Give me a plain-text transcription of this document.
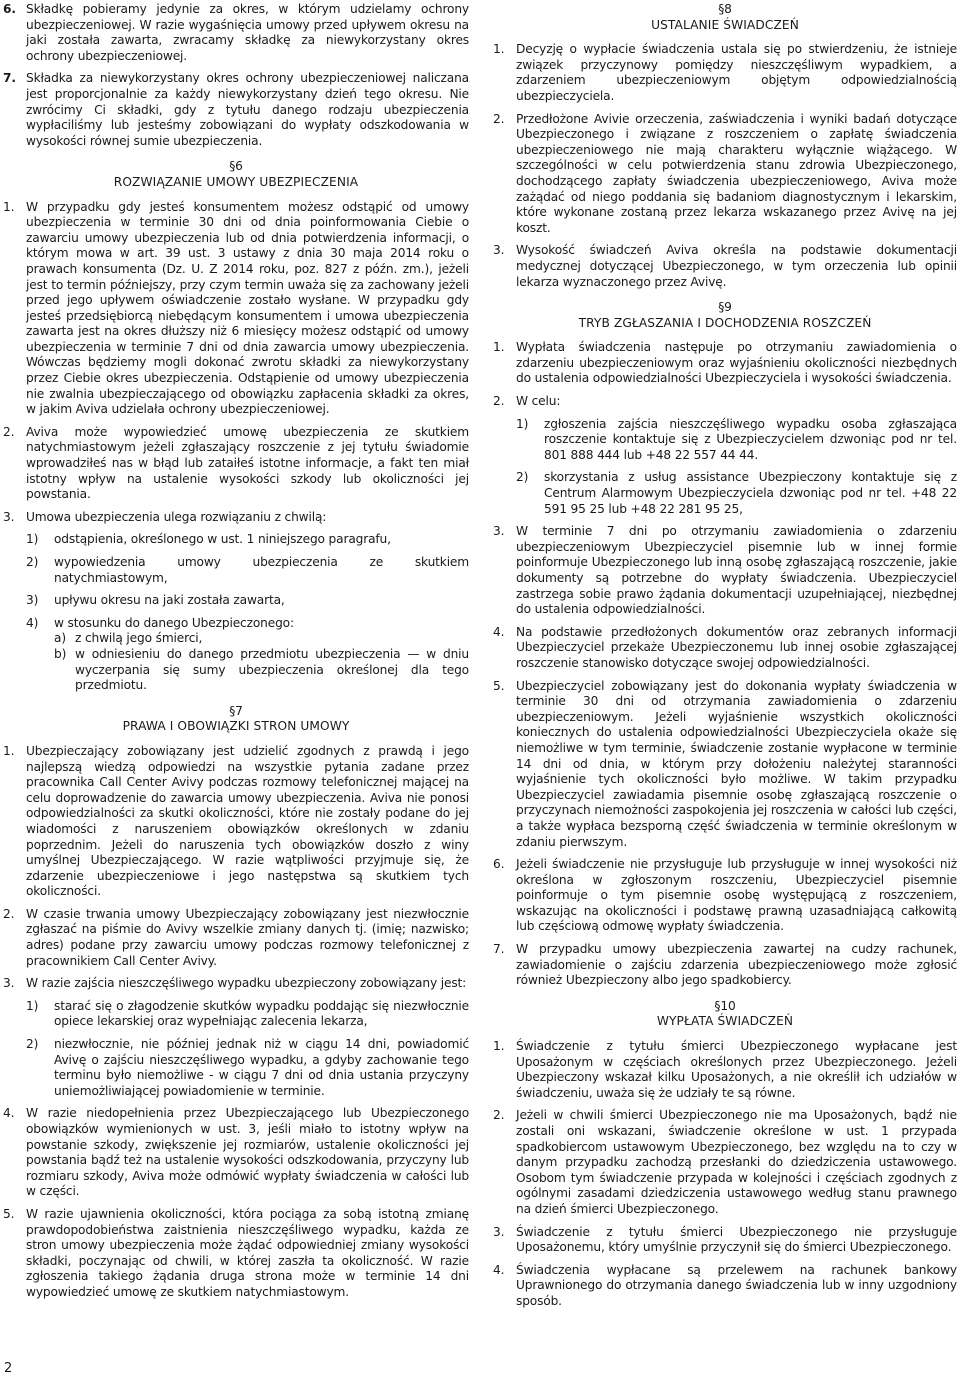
6. Składkę pobieramy jedynie za okres, w którym udzielamy ochrony ubezpieczeniowej. W razie wygaśnięcia umowy przed upływem okresu na jaki została zawarta, zwracamy składkę za niewykorzystany okres ochrony ubezpieczeniowej.
7. Składka za niewykorzystany okres ochrony ubezpieczeniowej naliczana jest proporcjonalnie za każdy niewykorzystany dzień tego okresu. Nie zwrócimy Ci składki, gdy z tytułu danego rodzaju ubezpieczenia wypłaciliśmy lub jesteśmy zobowiązani do wypłaty odszkodowania w wysokości równej sumie ubezpieczenia.
§6
ROZWIĄZANIE UMOWY UBEZPIECZENIA
1. W przypadku gdy jesteś konsumentem możesz odstąpić od umowy ubezpieczenia w terminie 30 dni od dnia poinformowania Ciebie o zawarciu umowy ubezpieczenia lub od dnia potwierdzenia informacji, o którym mowa w art. 39 ust. 3 ustawy z dnia 30 maja 2014 roku o prawach konsumenta (Dz. U. Z 2014 roku, poz. 827 z późn. zm.), jeżeli jest to termin późniejszy, przy czym termin uważa się za zachowany jeżeli przed jego upływem oświadczenie zostało wysłane. W przypadku gdy jesteś przedsiębiorcą niebędącym konsumentem i umowa ubezpieczenia zawarta jest na okres dłuższy niż 6 miesięcy możesz odstąpić od umowy ubezpieczenia w terminie 7 dni od dnia zawarcia umowy ubezpieczenia. Wówczas będziemy mogli dokonać zwrotu składki za niewykorzystany przez Ciebie okres ubezpieczenia. Odstąpienie od umowy ubezpieczenia nie zwalnia ubezpieczającego od obowiązku zapłacenia składki za okres, w jakim Aviva udzielała ochrony ubezpieczeniowej.
2. Aviva może wypowiedzieć umowę ubezpieczenia ze skutkiem natychmiastowym jeżeli zgłaszający roszczenie z jej tytułu świadomie wprowadziłeś nas w błąd lub zataiłeś istotne informacje, a fakt ten miał istotny wpływ na ustalenie wysokości szkody lub okoliczności jej powstania.
3. Umowa ubezpieczenia ulega rozwiązaniu z chwilą:
1)	odstąpienia, określonego w ust. 1 niniejszego paragrafu,
2)	wypowiedzenia umowy ubezpieczenia ze skutkiem natychmiastowym,
3)	upływu okresu na jaki została zawarta,
4)	w stosunku do danego Ubezpieczonego:
a) z chwilą jego śmierci,
b) w odniesieniu do danego przedmiotu ubezpieczenia — w dniu wyczerpania się sumy ubezpieczenia określonej dla tego przedmiotu.
§7
PRAWA I OBOWIĄZKI STRON UMOWY
1. Ubezpieczający zobowiązany jest udzielić zgodnych z prawdą i jego najlepszą wiedzą odpowiedzi na wszystkie pytania zadane przez pracownika Call Center Avivy podczas rozmowy telefonicznej mającej na celu doprowadzenie do zawarcia umowy ubezpieczenia. Aviva nie ponosi odpowiedzialności za skutki okoliczności, które nie zostały podane do jej wiadomości z naruszeniem obowiązków określonych w zdaniu poprzednim. Jeżeli do naruszenia tych obowiązków doszło z winy umyślnej Ubezpieczającego. W razie wątpliwości przyjmuje się, że zdarzenie ubezpieczeniowe i jego następstwa są skutkiem tych okoliczności.
2. W czasie trwania umowy Ubezpieczający zobowiązany jest niezwłocznie zgłaszać na piśmie do Avivy wszelkie zmiany danych tj. (imię; nazwisko; adres) podane przy zawarciu umowy podczas rozmowy telefonicznej z pracownikiem Call Center Avivy.
3. W razie zajścia nieszczęśliwego wypadku ubezpieczony zobowiązany jest:
1)	starać się o złagodzenie skutków wypadku poddając się niezwłocznie opiece lekarskiej oraz wypełniając zalecenia lekarza,
2)	niezwłocznie, nie później jednak niż w ciągu 14 dni, powiadomić Avivę o zajściu nieszczęśliwego wypadku, a gdyby zachowanie tego terminu było niemożliwe - w ciągu 7 dni od dnia ustania przyczyny uniemożliwiającej powiadomienie w terminie.
4. W razie niedopełnienia przez Ubezpieczającego lub Ubezpieczonego obowiązków wymienionych w ust. 3, jeśli miało to istotny wpływ na powstanie szkody, zwiększenie jej rozmiarów, ustalenie okoliczności jej powstania bądź też na ustalenie wysokości odszkodowania, przyczyny lub rozmiaru szkody, Aviva może odmówić wypłaty świadczenia w całości lub w części.
5. W razie ujawnienia okoliczności, która pociąga za sobą istotną zmianę prawdopodobieństwa zaistnienia nieszczęśliwego wypadku, każda ze stron umowy ubezpieczenia może żądać odpowiedniej zmiany wysokości składki, poczynając od chwili, w której zaszła ta okoliczność. W razie zgłoszenia takiego żądania druga strona może w terminie 14 dni wypowiedzieć umowę ze skutkiem natychmiastowym.
§8
USTALANIE ŚWIADCZEŃ
1. Decyzję o wypłacie świadczenia ustala się po stwierdzeniu, że istnieje związek przyczynowy pomiędzy nieszczęśliwym wypadkiem, a zdarzeniem ubezpieczeniowym objętym odpowiedzialnością ubezpieczyciela.
2. Przedłożone Avivie orzeczenia, zaświadczenia i wyniki badań dotyczące Ubezpieczonego i związane z roszczeniem o zapłatę świadczenia ubezpieczeniowego nie mają charakteru wyłącznie wiążącego. W szczególności w celu potwierdzenia stanu zdrowia Ubezpieczonego, dochodzącego zapłaty świadczenia ubezpieczeniowego, Aviva może zażądać od niego poddania się badaniom diagnostycznym i lekarskim, które wykonane zostaną przez lekarza wskazanego przez Avivę na jej koszt.
3. Wysokość świadczeń Aviva określa na podstawie dokumentacji medycznej dotyczącej Ubezpieczonego, w tym orzeczenia lub opinii lekarza wyznaczonego przez Avivę.
§9
TRYB ZGŁASZANIA I DOCHODZENIA ROSZCZEŃ
1. Wypłata świadczenia następuje po otrzymaniu zawiadomienia o zdarzeniu ubezpieczeniowym oraz wyjaśnieniu okoliczności niezbędnych do ustalenia odpowiedzialności Ubezpieczyciela i wysokości świadczenia.
2. W celu:
1)	zgłoszenia zajścia nieszczęśliwego wypadku osoba zgłaszająca roszczenie kontaktuje się z Ubezpieczycielem dzwoniąc pod nr tel. 801 888 444 lub +48 22 557 44 44.
2)	skorzystania z usług assistance Ubezpieczony kontaktuje się z Centrum Alarmowym Ubezpieczyciela dzwoniąc pod nr tel. +48 22 591 95 25 lub +48 22 281 95 25,
3. W terminie 7 dni po otrzymaniu zawiadomienia o zdarzeniu ubezpieczeniowym Ubezpieczyciel pisemnie lub w innej formie poinformuje Ubezpieczonego lub inną osobę zgłaszającą roszczenie, jakie dokumenty są potrzebne do wypłaty świadczenia. Ubezpieczyciel zastrzega sobie prawo żądania dokumentacji uzupełniającej, niezbędnej do ustalenia odpowiedzialności.
4. Na podstawie przedłożonych dokumentów oraz zebranych informacji Ubezpieczyciel przekaże Ubezpieczonemu lub innej osobie zgłaszającej roszczenie stanowisko dotyczące swojej odpowiedzialności.
5. Ubezpieczyciel zobowiązany jest do dokonania wypłaty świadczenia w terminie 30 dni od otrzymania zawiadomienia o zdarzeniu ubezpieczeniowym. Jeżeli wyjaśnienie wszystkich okoliczności koniecznych do ustalenia odpowiedzialności Ubezpieczyciela okaże się niemożliwe w tym terminie, świadczenie zostanie wypłacone w terminie 14 dni od dnia, w którym przy dołożeniu należytej staranności wyjaśnienie tych okoliczności było możliwe. W takim przypadku Ubezpieczyciel zawiadamia pisemnie osobę zgłaszającą roszczenie o przyczynach niemożności zaspokojenia jej roszczenia w całości lub części, a także wypłaca bezsporną część świadczenia w terminie określonym w zdaniu pierwszym.
6. Jeżeli świadczenie nie przysługuje lub przysługuje w innej wysokości niż określona w zgłoszonym roszczeniu, Ubezpieczyciel pisemnie poinformuje o tym pisemnie osobę występującą z roszczeniem, wskazując na okoliczności i podstawę prawną uzasadniającą całkowitą lub częściową odmowę wypłaty świadczenia.
7. W przypadku umowy ubezpieczenia zawartej na cudzy rachunek, zawiadomienie o zajściu zdarzenia ubezpieczeniowego może zgłosić również Ubezpieczony albo jego spadkobiercy.
§10
WYPŁATA ŚWIADCZEŃ
1. Świadczenie z tytułu śmierci Ubezpieczonego wypłacane jest Uposażonym w częściach określonych przez Ubezpieczonego. Jeżeli Ubezpieczony wskazał kilku Uposażonych, a nie określił ich udziałów w świadczeniu, uważa się że udziały te są równe.
2. Jeżeli w chwili śmierci Ubezpieczonego nie ma Uposażonych, bądź nie zostali oni wskazani, świadczenie określone w ust. 1 przypada spadkobiercom ustawowym Ubezpieczonego, bez względu na to czy w danym przypadku zachodzą przesłanki do dziedziczenia ustawowego. Osobom tym świadczenie przypada w kolejności i częściach zgodnych z ogólnymi zasadami dziedziczenia ustawowego według stanu prawnego na dzień śmierci Ubezpieczonego.
3. Świadczenie z tytułu śmierci Ubezpieczonego nie przysługuje Uposażonemu, który umyślnie przyczynił się do śmierci Ubezpieczonego.
4. Świadczenia wypłacane są przelewem na rachunek bankowy Uprawnionego do otrzymania danego świadczenia lub w inny uzgodniony sposób.
2
